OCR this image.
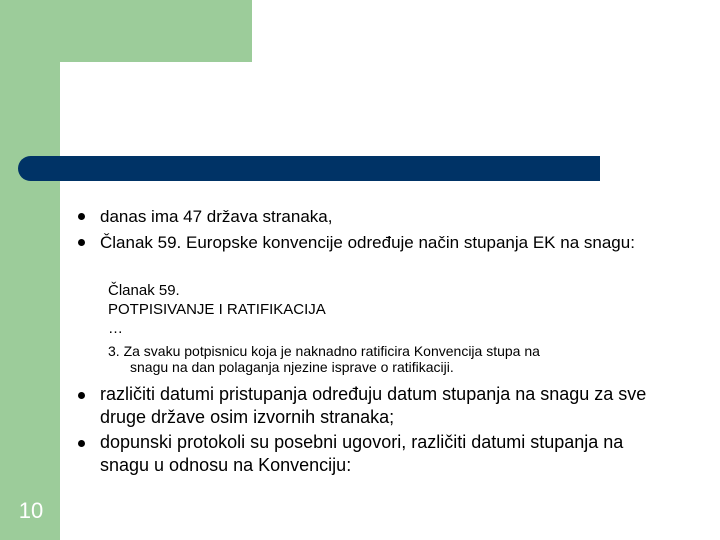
10
danas ima 47 država stranaka,
Članak 59. Europske konvencije određuje način stupanja EK na snagu:
Članak 59.
POTPISIVANJE I RATIFIKACIJA
…
3. Za svaku potpisnicu koja je naknadno ratificira Konvencija stupa na
snagu na dan polaganja njezine isprave o ratifikaciji.
različiti datumi pristupanja određuju datum stupanja na snagu za sve druge države osim izvornih stranaka;
dopunski protokoli su posebni ugovori, različiti datumi stupanja na snagu u odnosu na Konvenciju:
